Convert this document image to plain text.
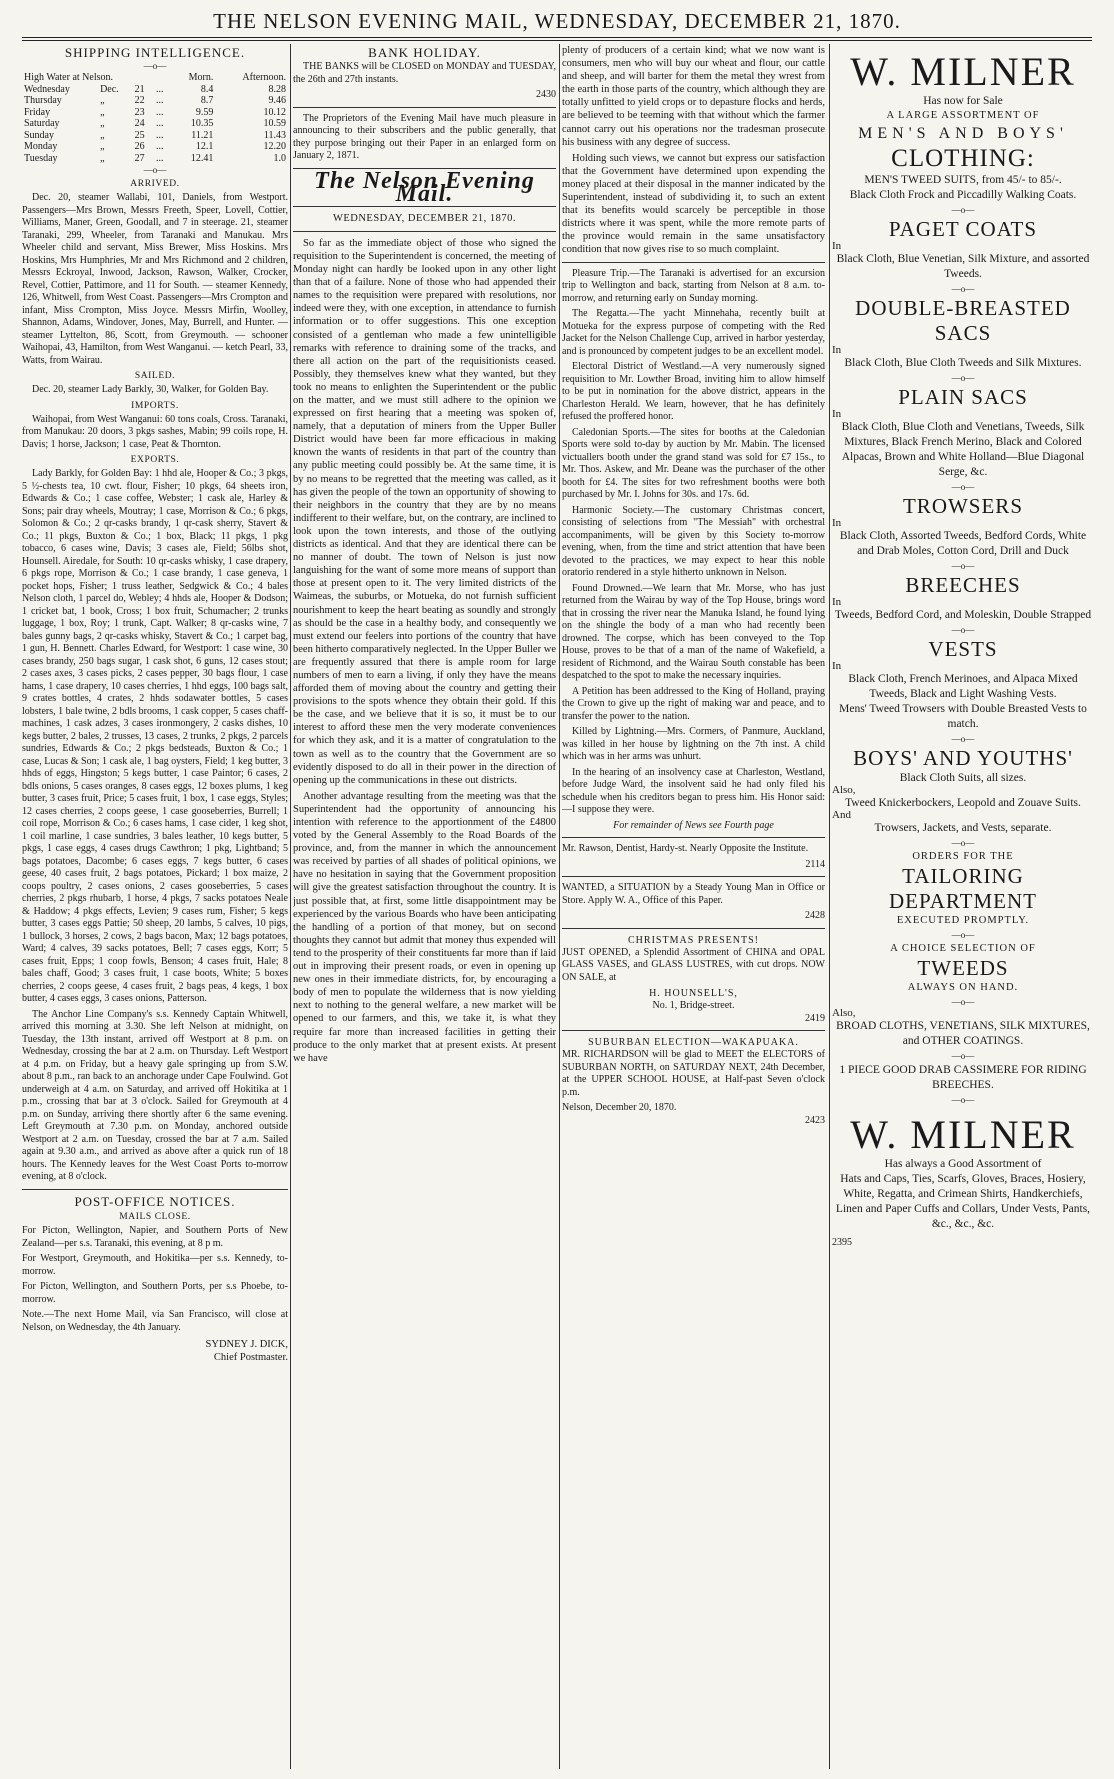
THE NELSON EVENING MAIL, WEDNESDAY, DECEMBER 21, 1870.
SHIPPING INTELLIGENCE.
—o—
High Water at Nelson.				Morn.	Afternoon.
Wednesday	Dec.	21	...	8.4	8.28
Thursday	„	22	...	8.7	9.46
Friday	„	23	...	9.59	10.12
Saturday	„	24	...	10.35	10.59
Sunday	„	25	...	11.21	11.43
Monday	„	26	...	12.1	12.20
Tuesday	„	27	...	12.41	1.0
—o—
ARRIVED.

Dec. 20, steamer Wallabi, 101, Daniels, from Westport. Passengers—Mrs Brown, Messrs Freeth, Speer, Lovell, Cottier, Williams, Maner, Green, Goodall, and 7 in steerage. 21, steamer Taranaki, 299, Wheeler, from Taranaki and Manukau. Mrs Wheeler child and servant, Miss Brewer, Miss Hoskins. Mrs Hoskins, Mrs Humphries, Mr and Mrs Richmond and 2 children, Messrs Eckroyal, Inwood, Jackson, Rawson, Walker, Crocker, Revel, Cottier, Pattimore, and 11 for South. — steamer Kennedy, 126, Whitwell, from West Coast. Passengers—Mrs Crompton and infant, Miss Crompton, Miss Joyce. Messrs Mirfin, Woolley, Shannon, Adams, Windover, Jones, May, Burrell, and Hunter. — steamer Lyttelton, 86, Scott, from Greymouth. — schooner Waihopai, 43, Hamilton, from West Wanganui. — ketch Pearl, 33, Watts, from Wairau.

SAILED.

Dec. 20, steamer Lady Barkly, 30, Walker, for Golden Bay.

IMPORTS.

Waihopai, from West Wanganui: 60 tons coals, Cross. Taranaki, from Manukau: 20 doors, 3 pkgs sashes, Mabin; 99 coils rope, H. Davis; 1 horse, Jackson; 1 case, Peat & Thornton.

EXPORTS.

Lady Barkly, for Golden Bay: 1 hhd ale, Hooper & Co.; 3 pkgs, 5 ½-chests tea, 10 cwt. flour, Fisher; 10 pkgs, 64 sheets iron, Edwards & Co.; 1 case coffee, Webster; 1 cask ale, Harley & Sons; pair dray wheels, Moutray; 1 case, Morrison & Co.; 6 pkgs, Solomon & Co.; 2 qr-casks brandy, 1 qr-cask sherry, Stavert & Co.; 11 pkgs, Buxton & Co.; 1 box, Black; 11 pkgs, 1 pkg tobacco, 6 cases wine, Davis; 3 cases ale, Field; 56lbs shot, Hounsell. Airedale, for South: 10 qr-casks whisky, 1 case drapery, 6 pkgs rope, Morrison & Co.; 1 case brandy, 1 case geneva, 1 pocket hops, Fisher; 1 truss leather, Sedgwick & Co.; 4 bales Nelson cloth, 1 parcel do, Webley; 4 hhds ale, Hooper & Dodson; 1 cricket bat, 1 book, Cross; 1 box fruit, Schumacher; 2 trunks luggage, 1 box, Roy; 1 trunk, Capt. Walker; 8 qr-casks wine, 7 bales gunny bags, 2 qr-casks whisky, Stavert & Co.; 1 carpet bag, 1 gun, H. Bennett. Charles Edward, for Westport: 1 case wine, 30 cases brandy, 250 bags sugar, 1 cask shot, 6 guns, 12 cases stout; 2 cases axes, 3 cases picks, 2 cases pepper, 30 bags flour, 1 case hams, 1 case drapery, 10 cases cherries, 1 hhd eggs, 100 bags salt, 9 crates bottles, 4 crates, 2 hhds sodawater bottles, 5 cases lobsters, 1 bale twine, 2 bdls brooms, 1 cask copper, 5 cases chaff-machines, 1 cask adzes, 3 cases ironmongery, 2 casks dishes, 10 kegs butter, 2 bales, 2 trusses, 13 cases, 2 trunks, 2 pkgs, 2 parcels sundries, Edwards & Co.; 2 pkgs bedsteads, Buxton & Co.; 1 case, Lucas & Son; 1 cask ale, 1 bag oysters, Field; 1 keg butter, 3 hhds of eggs, Hingston; 5 kegs butter, 1 case Paintor; 6 cases, 2 bdls onions, 5 cases oranges, 8 cases eggs, 12 boxes plums, 1 keg butter, 3 cases fruit, Price; 5 cases fruit, 1 box, 1 case eggs, Styles; 12 cases cherries, 2 coops geese, 1 case gooseberries, Burrell; 1 coil rope, Morrison & Co.; 6 cases hams, 1 case cider, 1 keg shot, 1 coil marline, 1 case sundries, 3 bales leather, 10 kegs butter, 5 pkgs, 1 case eggs, 4 cases drugs Cawthron; 1 pkg, Lightband; 5 bags potatoes, Dacombe; 6 cases eggs, 7 kegs butter, 6 cases geese, 40 cases fruit, 2 bags potatoes, Pickard; 1 box maize, 2 coops poultry, 2 cases onions, 2 cases gooseberries, 5 cases cherries, 2 pkgs rhubarb, 1 horse, 4 pkgs, 7 sacks potatoes Neale & Haddow; 4 pkgs effects, Levien; 9 cases rum, Fisher; 5 kegs butter, 3 cases eggs Pattie; 50 sheep, 20 lambs, 5 calves, 10 pigs, 1 bullock, 3 horses, 2 cows, 2 bags bacon, Max; 12 bags potatoes, Ward; 4 calves, 39 sacks potatoes, Bell; 7 cases eggs, Korr; 5 cases fruit, Epps; 1 coop fowls, Benson; 4 cases fruit, Hale; 8 bales chaff, Good; 3 cases fruit, 1 case boots, White; 5 boxes cherries, 2 coops geese, 4 cases fruit, 2 bags peas, 4 kegs, 1 box butter, 4 cases eggs, 3 cases onions, Patterson.

The Anchor Line Company's s.s. Kennedy Captain Whitwell, arrived this morning at 3.30. She left Nelson at midnight, on Tuesday, the 13th instant, arrived off Westport at 8 p.m. on Wednesday, crossing the bar at 2 a.m. on Thursday. Left Westport at 4 p.m. on Friday, but a heavy gale springing up from S.W. about 8 p.m., ran back to an anchorage under Cape Foulwind. Got underweigh at 4 a.m. on Saturday, and arrived off Hokitika at 1 p.m., crossing that bar at 3 o'clock. Sailed for Greymouth at 4 p.m. on Sunday, arriving there shortly after 6 the same evening. Left Greymouth at 7.30 p.m. on Monday, anchored outside Westport at 2 a.m. on Tuesday, crossed the bar at 7 a.m. Sailed again at 9.30 a.m., and arrived as above after a quick run of 18 hours. The Kennedy leaves for the West Coast Ports to-morrow evening, at 8 o'clock.

POST-OFFICE NOTICES.
MAILS CLOSE.

For Picton, Wellington, Napier, and Southern Ports of New Zealand—per s.s. Taranaki, this evening, at 8 p m.

For Westport, Greymouth, and Hokitika—per s.s. Kennedy, to-morrow.

For Picton, Wellington, and Southern Ports, per s.s Phoebe, to-morrow.

Note.—The next Home Mail, via San Francisco, will close at Nelson, on Wednesday, the 4th January.

SYDNEY J. DICK,
Chief Postmaster.
BANK HOLIDAY.

THE BANKS will be CLOSED on MONDAY and TUESDAY, the 26th and 27th instants.

2430

The Proprietors of the Evening Mail have much pleasure in announcing to their subscribers and the public generally, that they purpose bringing out their Paper in an enlarged form on January 2, 1871.

The Nelson Evening Mail.
WEDNESDAY, DECEMBER 21, 1870.

So far as the immediate object of those who signed the requisition to the Superintendent is concerned, the meeting of Monday night can hardly be looked upon in any other light than that of a failure. None of those who had appended their names to the requisition were prepared with resolutions, nor indeed were they, with one exception, in attendance to furnish information or to offer suggestions. This one exception consisted of a gentleman who made a few unintelligible remarks with reference to draining some of the tracks, and there all action on the part of the requisitionists ceased. Possibly, they themselves knew what they wanted, but they took no means to enlighten the Superintendent or the public on the matter, and we must still adhere to the opinion we expressed on first hearing that a meeting was spoken of, namely, that a deputation of miners from the Upper Buller District would have been far more efficacious in making known the wants of residents in that part of the country than any public meeting could possibly be. At the same time, it is by no means to be regretted that the meeting was called, as it has given the people of the town an opportunity of showing to their neighbors in the country that they are by no means indifferent to their welfare, but, on the contrary, are inclined to look upon the town interests, and those of the outlying districts as identical. And that they are identical there can be no manner of doubt. The town of Nelson is just now languishing for the want of some more means of support than those at present open to it. The very limited districts of the Waimeas, the suburbs, or Motueka, do not furnish sufficient nourishment to keep the heart beating as soundly and strongly as should be the case in a healthy body, and consequently we must extend our feelers into portions of the country that have been hitherto comparatively neglected. In the Upper Buller we are frequently assured that there is ample room for large numbers of men to earn a living, if only they have the means afforded them of moving about the country and getting their provisions to the spots whence they obtain their gold. If this be the case, and we believe that it is so, it must be to our interest to afford these men the very moderate conveniences for which they ask, and it is a matter of congratulation to the town as well as to the country that the Government are so evidently disposed to do all in their power in the direction of opening up the communications in these out districts.

Another advantage resulting from the meeting was that the Superintendent had the opportunity of announcing his intention with reference to the apportionment of the £4800 voted by the General Assembly to the Road Boards of the province, and, from the manner in which the announcement was received by parties of all shades of political opinions, we have no hesitation in saying that the Government proposition will give the greatest satisfaction throughout the country. It is just possible that, at first, some little disappointment may be experienced by the various Boards who have been anticipating the handling of a portion of that money, but on second thoughts they cannot but admit that money thus expended will tend to the prosperity of their constituents far more than if laid out in improving their present roads, or even in opening up new ones in their immediate districts, for, by encouraging a body of men to populate the wilderness that is now yielding next to nothing to the general welfare, a new market will be opened to our farmers, and this, we take it, is what they require far more than increased facilities in getting their produce to the only market that at present exists. At present we have

plenty of producers of a certain kind; what we now want is consumers, men who will buy our wheat and flour, our cattle and sheep, and will barter for them the metal they wrest from the earth in those parts of the country, which although they are totally unfitted to yield crops or to depasture flocks and herds, are believed to be teeming with that without which the farmer cannot carry out his operations nor the tradesman prosecute his business with any degree of success.

Holding such views, we cannot but express our satisfaction that the Government have determined upon expending the money placed at their disposal in the manner indicated by the Superintendent, instead of subdividing it, to such an extent that its benefits would scarcely be perceptible in those districts where it was spent, while the more remote parts of the province would remain in the same unsatisfactory condition that now gives rise to so much complaint.

Pleasure Trip.—The Taranaki is advertised for an excursion trip to Wellington and back, starting from Nelson at 8 a.m. to-morrow, and returning early on Sunday morning.

The Regatta.—The yacht Minnehaha, recently built at Motueka for the express purpose of competing with the Red Jacket for the Nelson Challenge Cup, arrived in harbor yesterday, and is pronounced by competent judges to be an excellent model.

Electoral District of Westland.—A very numerously signed requisition to Mr. Lowther Broad, inviting him to allow himself to be put in nomination for the above district, appears in the Charleston Herald. We learn, however, that he has definitely refused the proffered honor.

Caledonian Sports.—The sites for booths at the Caledonian Sports were sold to-day by auction by Mr. Mabin. The licensed victuallers booth under the grand stand was sold for £7 15s., to Mr. Thos. Askew, and Mr. Deane was the purchaser of the other booth for £4. The sites for two refreshment booths were both purchased by Mr. I. Johns for 30s. and 17s. 6d.

Harmonic Society.—The customary Christmas concert, consisting of selections from "The Messiah" with orchestral accompaniments, will be given by this Society to-morrow evening, when, from the time and strict attention that have been devoted to the practices, we may expect to hear this noble oratorio rendered in a style hitherto unknown in Nelson.

Found Drowned.—We learn that Mr. Morse, who has just returned from the Wairau by way of the Top House, brings word that in crossing the river near the Manuka Island, he found lying on the shingle the body of a man who had recently been drowned. The corpse, which has been conveyed to the Top House, proves to be that of a man of the name of Wakefield, a resident of Richmond, and the Wairau South constable has been despatched to the spot to make the necessary inquiries.

A Petition has been addressed to the King of Holland, praying the Crown to give up the right of making war and peace, and to transfer the power to the nation.

Killed by Lightning.—Mrs. Cormers, of Panmure, Auckland, was killed in her house by lightning on the 7th inst. A child which was in her arms was unhurt.

In the hearing of an insolvency case at Charleston, Westland, before Judge Ward, the insolvent said he had only filed his schedule when his creditors began to press him. His Honor said:—I suppose they were.

For remainder of News see Fourth page

Mr. Rawson, Dentist, Hardy-st. Nearly Opposite the Institute.

2114

WANTED, a SITUATION by a Steady Young Man in Office or Store. Apply W. A., Office of this Paper.

2428
CHRISTMAS PRESENTS!

JUST OPENED, a Splendid Assortment of CHINA and OPAL GLASS VASES, and GLASS LUSTRES, with cut drops. NOW ON SALE, at

H. HOUNSELL'S,
No. 1, Bridge-street.
2419
SUBURBAN ELECTION—WAKAPUAKA.

MR. RICHARDSON will be glad to MEET the ELECTORS of SUBURBAN NORTH, on SATURDAY NEXT, 24th December, at the UPPER SCHOOL HOUSE, at Half-past Seven o'clock p.m.

Nelson, December 20, 1870.
2423
W. MILNER
Has now for Sale
A LARGE ASSORTMENT OF
MEN'S AND BOYS'
CLOTHING:
MEN'S TWEED SUITS, from 45/- to 85/-.
Black Cloth Frock and Piccadilly Walking Coats.
—o—
PAGET COATS
In
Black Cloth, Blue Venetian, Silk Mixture, and assorted Tweeds.
—o—
DOUBLE-BREASTED SACS
In
Black Cloth, Blue Cloth Tweeds and Silk Mixtures.
—o—
PLAIN SACS
In
Black Cloth, Blue Cloth and Venetians, Tweeds, Silk Mixtures, Black French Merino, Black and Colored Alpacas, Brown and White Holland—Blue Diagonal Serge, &c.
—o—
TROWSERS
In
Black Cloth, Assorted Tweeds, Bedford Cords, White and Drab Moles, Cotton Cord, Drill and Duck
—o—
BREECHES
In
Tweeds, Bedford Cord, and Moleskin, Double Strapped
—o—
VESTS
In
Black Cloth, French Merinoes, and Alpaca Mixed Tweeds, Black and Light Washing Vests.
Mens' Tweed Trowsers with Double Breasted Vests to match.
—o—
BOYS' AND YOUTHS'
Black Cloth Suits, all sizes.
Also,
Tweed Knickerbockers, Leopold and Zouave Suits.
And
Trowsers, Jackets, and Vests, separate.
—o—
ORDERS FOR THE
TAILORING DEPARTMENT
EXECUTED PROMPTLY.
—o—
A CHOICE SELECTION OF
TWEEDS
ALWAYS ON HAND.
—o—
Also,
BROAD CLOTHS, VENETIANS, SILK MIXTURES, and OTHER COATINGS.
—o—
1 PIECE GOOD DRAB CASSIMERE FOR RIDING BREECHES.
—o—
W. MILNER
Has always a Good Assortment of
Hats and Caps, Ties, Scarfs, Gloves, Braces, Hosiery, White, Regatta, and Crimean Shirts, Handkerchiefs, Linen and Paper Cuffs and Collars, Under Vests, Pants,
&c., &c., &c.
2395
